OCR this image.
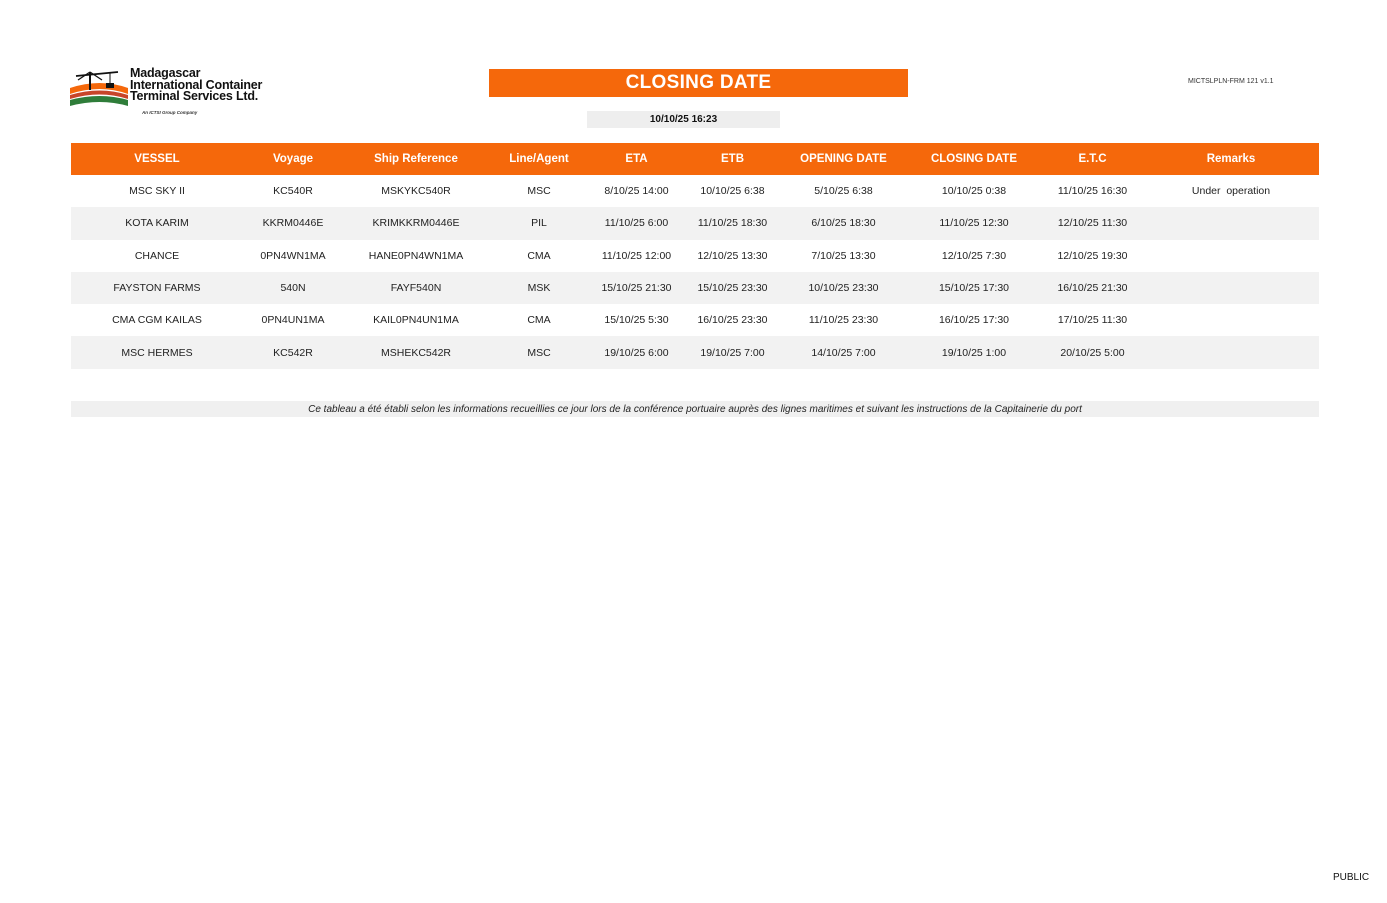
Madagascar
International Container
Terminal Services Ltd.
An ICTSI Group Company
CLOSING DATE	MICTSLPLN-FRM 121 v1.1
10/10/25 16:23
VESSEL	Voyage	Ship Reference	Line/Agent	ETA	ETB	OPENING DATE	CLOSING DATE	E.T.C	Remarks
MSC SKY II	KC540R	MSKYKC540R	MSC	8/10/25 14:00	10/10/25 6:38	5/10/25 6:38	10/10/25 0:38	11/10/25 16:30	Under  operation
KOTA KARIM	KKRM0446E	KRIMKKRM0446E	PIL	11/10/25 6:00	11/10/25 18:30	6/10/25 18:30	11/10/25 12:30	12/10/25 11:30
CHANCE	0PN4WN1MA	HANE0PN4WN1MA	CMA	11/10/25 12:00	12/10/25 13:30	7/10/25 13:30	12/10/25 7:30	12/10/25 19:30
FAYSTON FARMS	540N	FAYF540N	MSK	15/10/25 21:30	15/10/25 23:30	10/10/25 23:30	15/10/25 17:30	16/10/25 21:30
CMA CGM KAILAS	0PN4UN1MA	KAIL0PN4UN1MA	CMA	15/10/25 5:30	16/10/25 23:30	11/10/25 23:30	16/10/25 17:30	17/10/25 11:30
MSC HERMES	KC542R	MSHEKC542R	MSC	19/10/25 6:00	19/10/25 7:00	14/10/25 7:00	19/10/25 1:00	20/10/25 5:00
Ce tableau a été établi selon les informations recueillies ce jour lors de la conférence portuaire auprès des lignes maritimes et suivant les instructions de la Capitainerie du port
PUBLIC
